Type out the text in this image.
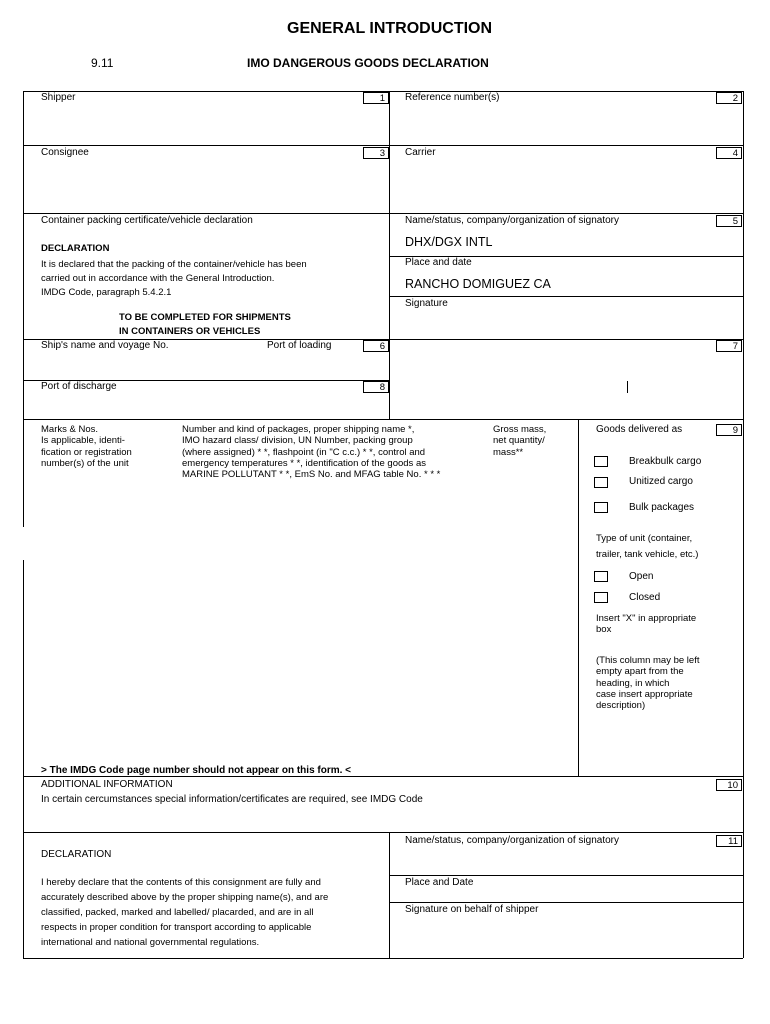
GENERAL INTRODUCTION
9.11	IMO DANGEROUS GOODS DECLARATION
Shipper	1	Reference number(s)	2
Consignee	3	Carrier	4
Container packing certificate/vehicle declaration
DECLARATION
It is declared that the packing of the container/vehicle has been
carried out in accordance with the General Introduction.
IMDG Code, paragraph 5.4.2.1
TO BE COMPLETED FOR SHIPMENTS
IN CONTAINERS OR VEHICLES
Name/status, company/organization of signatory	5
DHX/DGX INTL
Place and date
RANCHO DOMIGUEZ CA
Signature
Ship's name and voyage No.	Port of loading	6	7
Port of discharge	8
Marks & Nos.
Is applicable, identi-
fication or registration
number(s) of the unit
Number and kind of packages, proper shipping name *,
IMO hazard class/ division, UN Number, packing group
(where assigned) * *, flashpoint (in "C c.c.) * *, control and
emergency temperatures * *, identification of the goods as
MARINE POLLUTANT * *, EmS No. and MFAG table No. * * *
Gross mass,
net quantity/
mass**
Goods delivered as	9
Breakbulk cargo
Unitized cargo
Bulk packages
Type of unit (container,
trailer, tank vehicle, etc.)
Open
Closed
Insert "X" in appropriate
box
(This column may be left
empty apart from the
heading, in which
case insert appropriate
description)
> The IMDG Code page number should not appear on this form. <
ADDITIONAL INFORMATION
In certain cercumstances special information/certificates are required, see IMDG Code
10
DECLARATION
I hereby declare that the contents of this consignment are fully and
accurately described above by the proper shipping name(s), and are
classified, packed, marked and labelled/ placarded, and are in all
respects in proper condition for transport according to applicable
international and national governmental regulations.
Name/status, company/organization of signatory	11
Place and Date
Signature on behalf of shipper
